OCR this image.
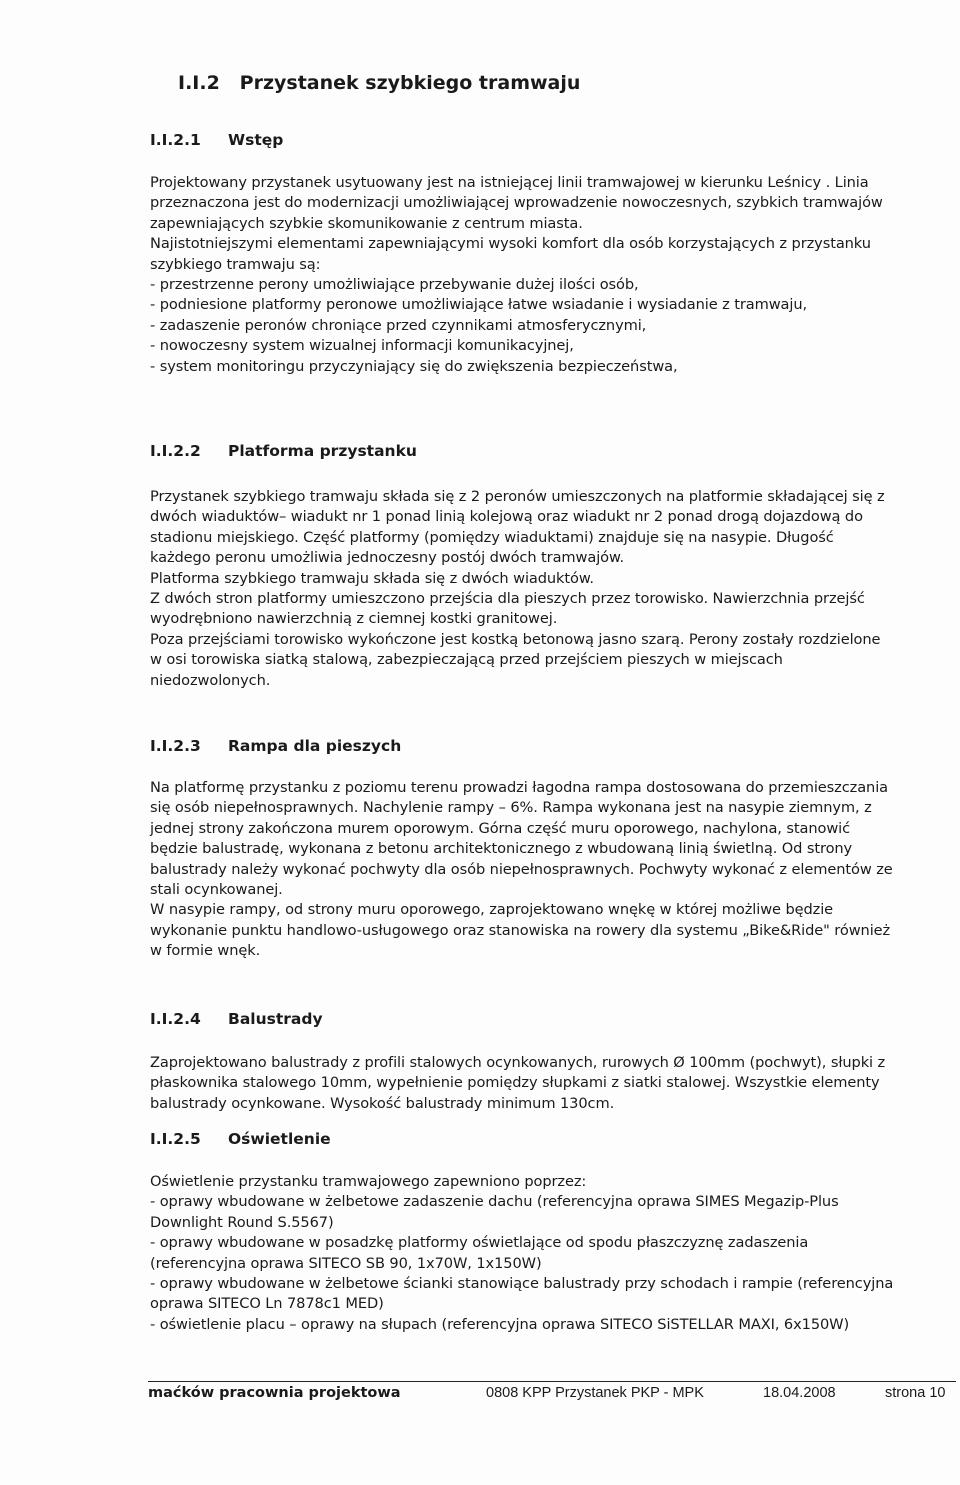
I.I.2 Przystanek szybkiego tramwaju
I.I.2.1 Wstęp

Projektowany przystanek usytuowany jest na istniejącej linii tramwajowej w kierunku Leśnicy . Linia

przeznaczona jest do modernizacji umożliwiającej wprowadzenie nowoczesnych, szybkich tramwajów

zapewniających szybkie skomunikowanie z centrum miasta.

Najistotniejszymi elementami zapewniającymi wysoki komfort dla osób korzystających z przystanku

szybkiego tramwaju są:

- przestrzenne perony umożliwiające przebywanie dużej ilości osób,

- podniesione platformy peronowe umożliwiające łatwe wsiadanie i wysiadanie z tramwaju,

- zadaszenie peronów chroniące przed czynnikami atmosferycznymi,

- nowoczesny system wizualnej informacji komunikacyjnej,

- system monitoringu przyczyniający się do zwiększenia bezpieczeństwa,

I.I.2.2 Platforma przystanku

Przystanek szybkiego tramwaju składa się z 2 peronów umieszczonych na platformie składającej się z

dwóch wiaduktów– wiadukt nr 1 ponad linią kolejową oraz wiadukt nr 2 ponad drogą dojazdową do

stadionu miejskiego. Część platformy (pomiędzy wiaduktami) znajduje się na nasypie. Długość

każdego peronu umożliwia jednoczesny postój dwóch tramwajów.

Platforma szybkiego tramwaju składa się z dwóch wiaduktów.

Z dwóch stron platformy umieszczono przejścia dla pieszych przez torowisko. Nawierzchnia przejść

wyodrębniono nawierzchnią z ciemnej kostki granitowej.

Poza przejściami torowisko wykończone jest kostką betonową jasno szarą. Perony zostały rozdzielone

w osi torowiska siatką stalową, zabezpieczającą przed przejściem pieszych w miejscach

niedozwolonych.

I.I.2.3 Rampa dla pieszych

Na platformę przystanku z poziomu terenu prowadzi łagodna rampa dostosowana do przemieszczania

się osób niepełnosprawnych. Nachylenie rampy – 6%. Rampa wykonana jest na nasypie ziemnym, z

jednej strony zakończona murem oporowym. Górna część muru oporowego, nachylona, stanowić

będzie balustradę, wykonana z betonu architektonicznego z wbudowaną linią świetlną. Od strony

balustrady należy wykonać pochwyty dla osób niepełnosprawnych. Pochwyty wykonać z elementów ze

stali ocynkowanej.

W nasypie rampy, od strony muru oporowego, zaprojektowano wnękę w której możliwe będzie

wykonanie punktu handlowo-usługowego oraz stanowiska na rowery dla systemu „Bike&Ride" również

w formie wnęk.

I.I.2.4 Balustrady

Zaprojektowano balustrady z profili stalowych ocynkowanych, rurowych Ø 100mm (pochwyt), słupki z

płaskownika stalowego 10mm, wypełnienie pomiędzy słupkami z siatki stalowej. Wszystkie elementy

balustrady ocynkowane. Wysokość balustrady minimum 130cm.

I.I.2.5 Oświetlenie

Oświetlenie przystanku tramwajowego zapewniono poprzez:

- oprawy wbudowane w żelbetowe zadaszenie dachu (referencyjna oprawa SIMES Megazip-Plus

Downlight Round S.5567)

- oprawy wbudowane w posadzkę platformy oświetlające od spodu płaszczyznę zadaszenia

(referencyjna oprawa SITECO SB 90, 1x70W, 1x150W)

- oprawy wbudowane w żelbetowe ścianki stanowiące balustrady przy schodach i rampie (referencyjna

oprawa SITECO Ln 7878c1 MED)

- oświetlenie placu – oprawy na słupach (referencyjna oprawa SITECO SiSTELLAR MAXI, 6x150W)

maćków pracownia projektowa	0808 KPP Przystanek PKP - MPK	18.04.2008	strona 10
